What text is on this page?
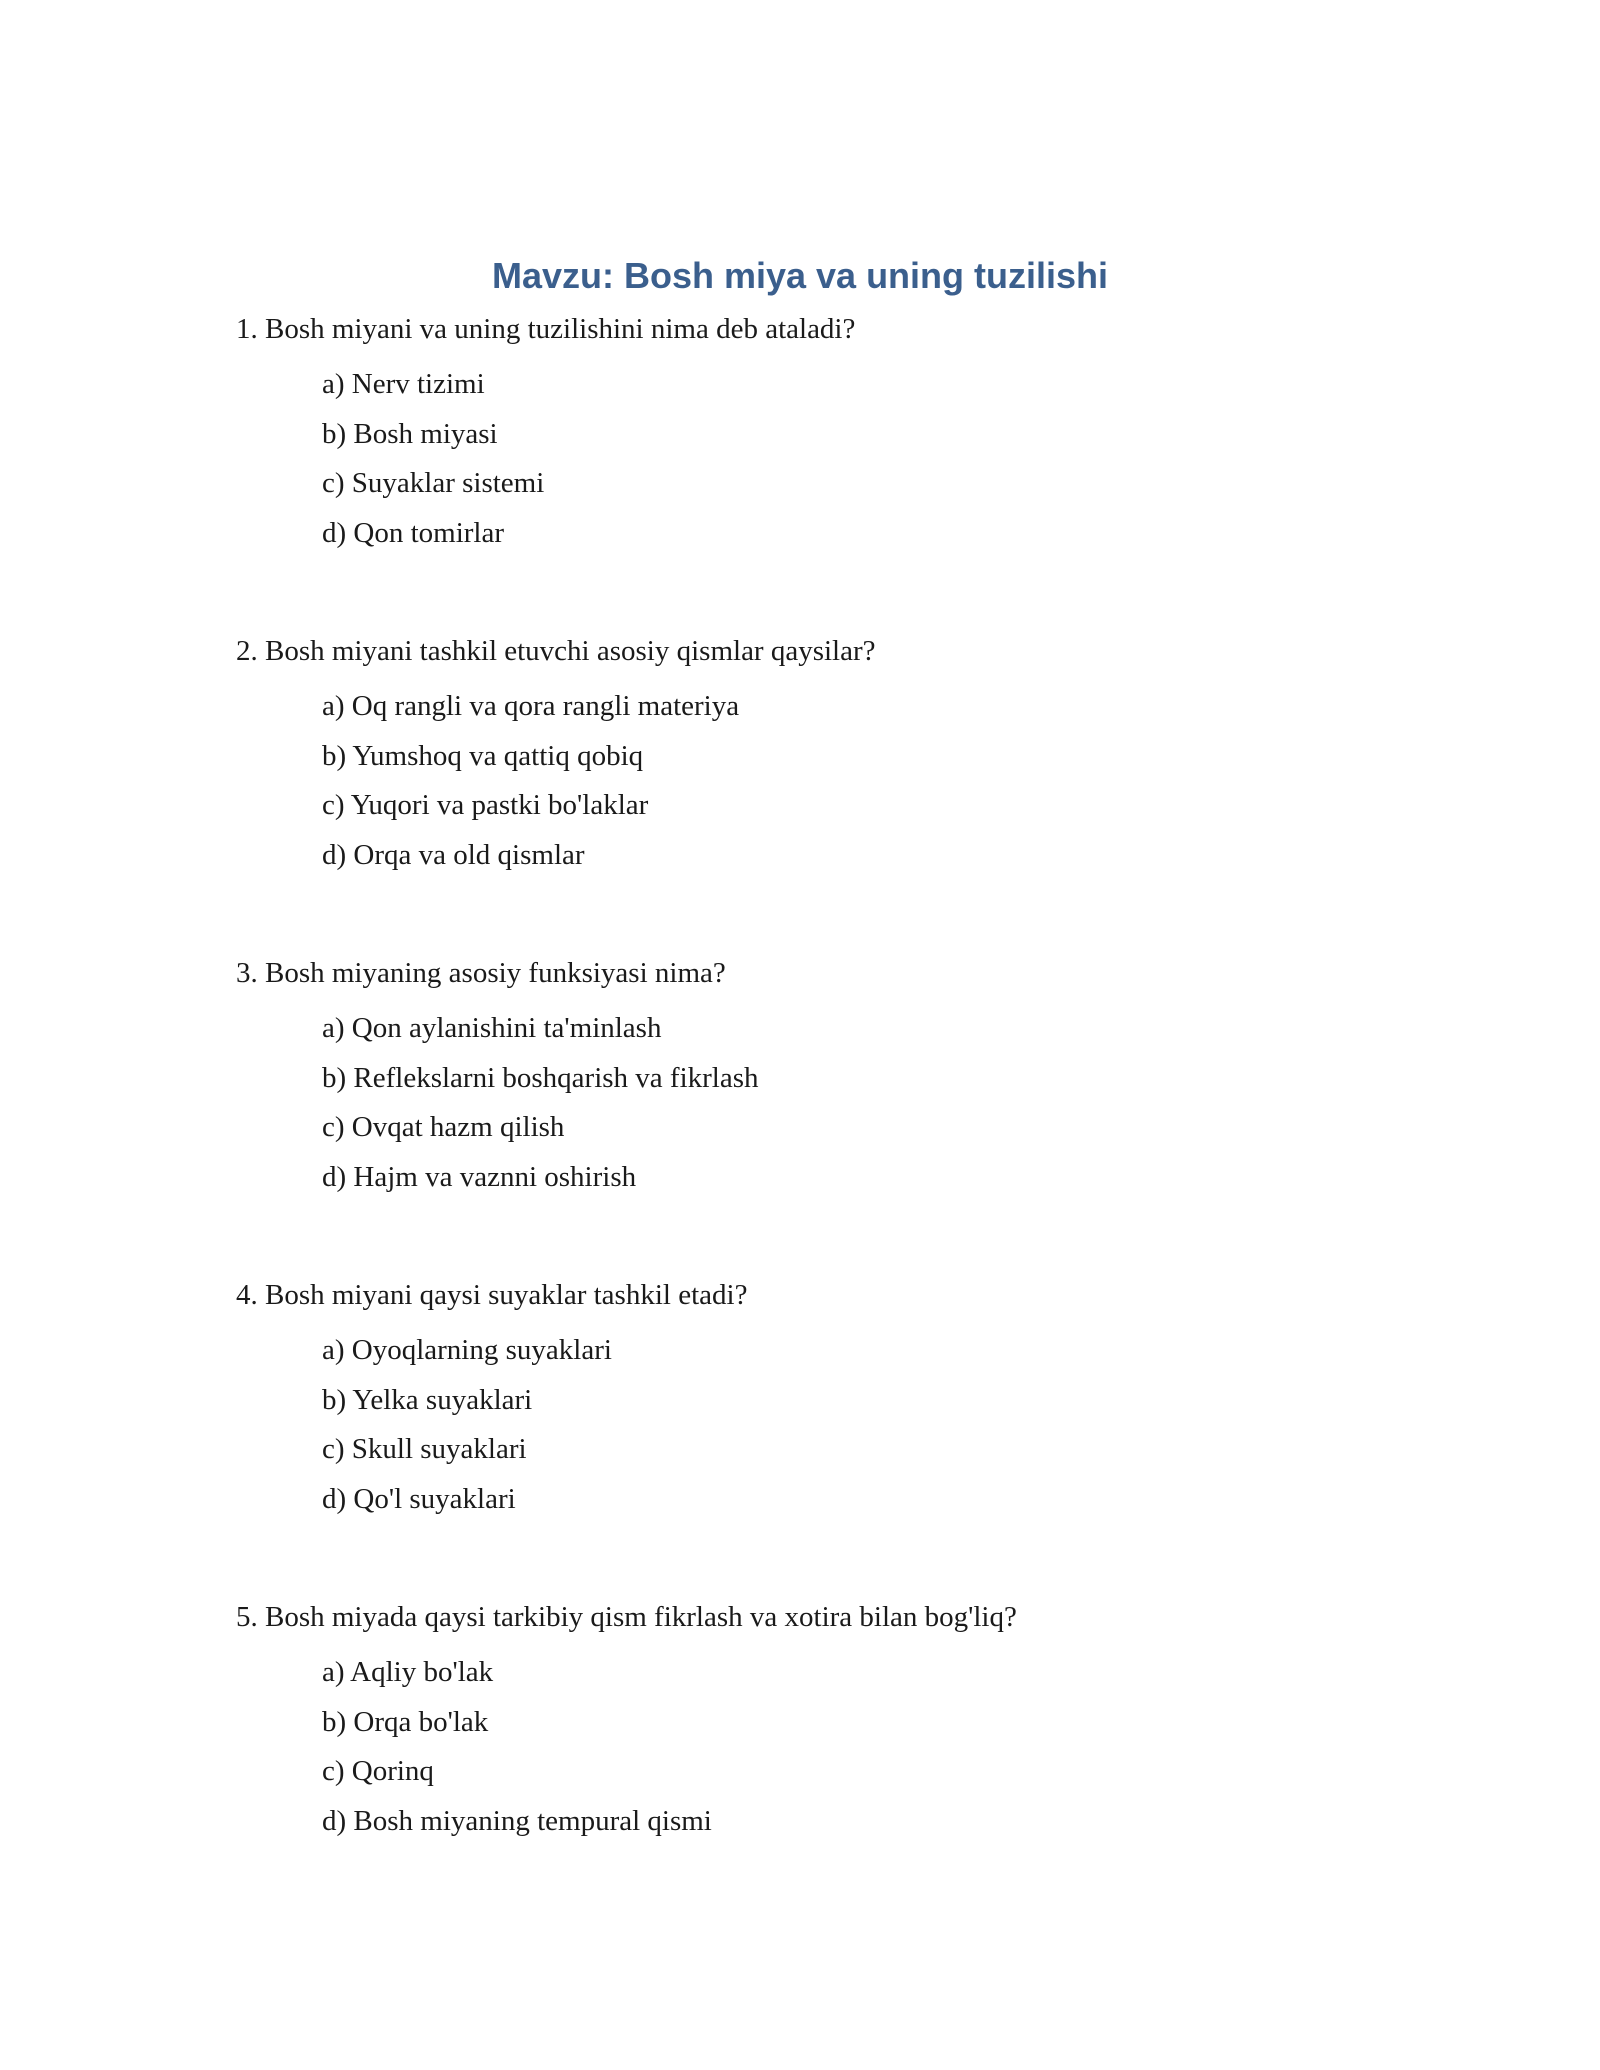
Mavzu: Bosh miya va uning tuzilishi

1. Bosh miyani va uning tuzilishini nima deb ataladi?

a) Nerv tizimi
b) Bosh miyasi
c) Suyaklar sistemi
d) Qon tomirlar

2. Bosh miyani tashkil etuvchi asosiy qismlar qaysilar?

a) Oq rangli va qora rangli materiya
b) Yumshoq va qattiq qobiq
c) Yuqori va pastki bo'laklar
d) Orqa va old qismlar

3. Bosh miyaning asosiy funksiyasi nima?

a) Qon aylanishini ta'minlash
b) Reflekslarni boshqarish va fikrlash
c) Ovqat hazm qilish
d) Hajm va vaznni oshirish

4. Bosh miyani qaysi suyaklar tashkil etadi?

a) Oyoqlarning suyaklari
b) Yelka suyaklari
c) Skull suyaklari
d) Qo'l suyaklari

5. Bosh miyada qaysi tarkibiy qism fikrlash va xotira bilan bog'liq?

a) Aqliy bo'lak
b) Orqa bo'lak
c) Qorinq
d) Bosh miyaning tempural qismi
